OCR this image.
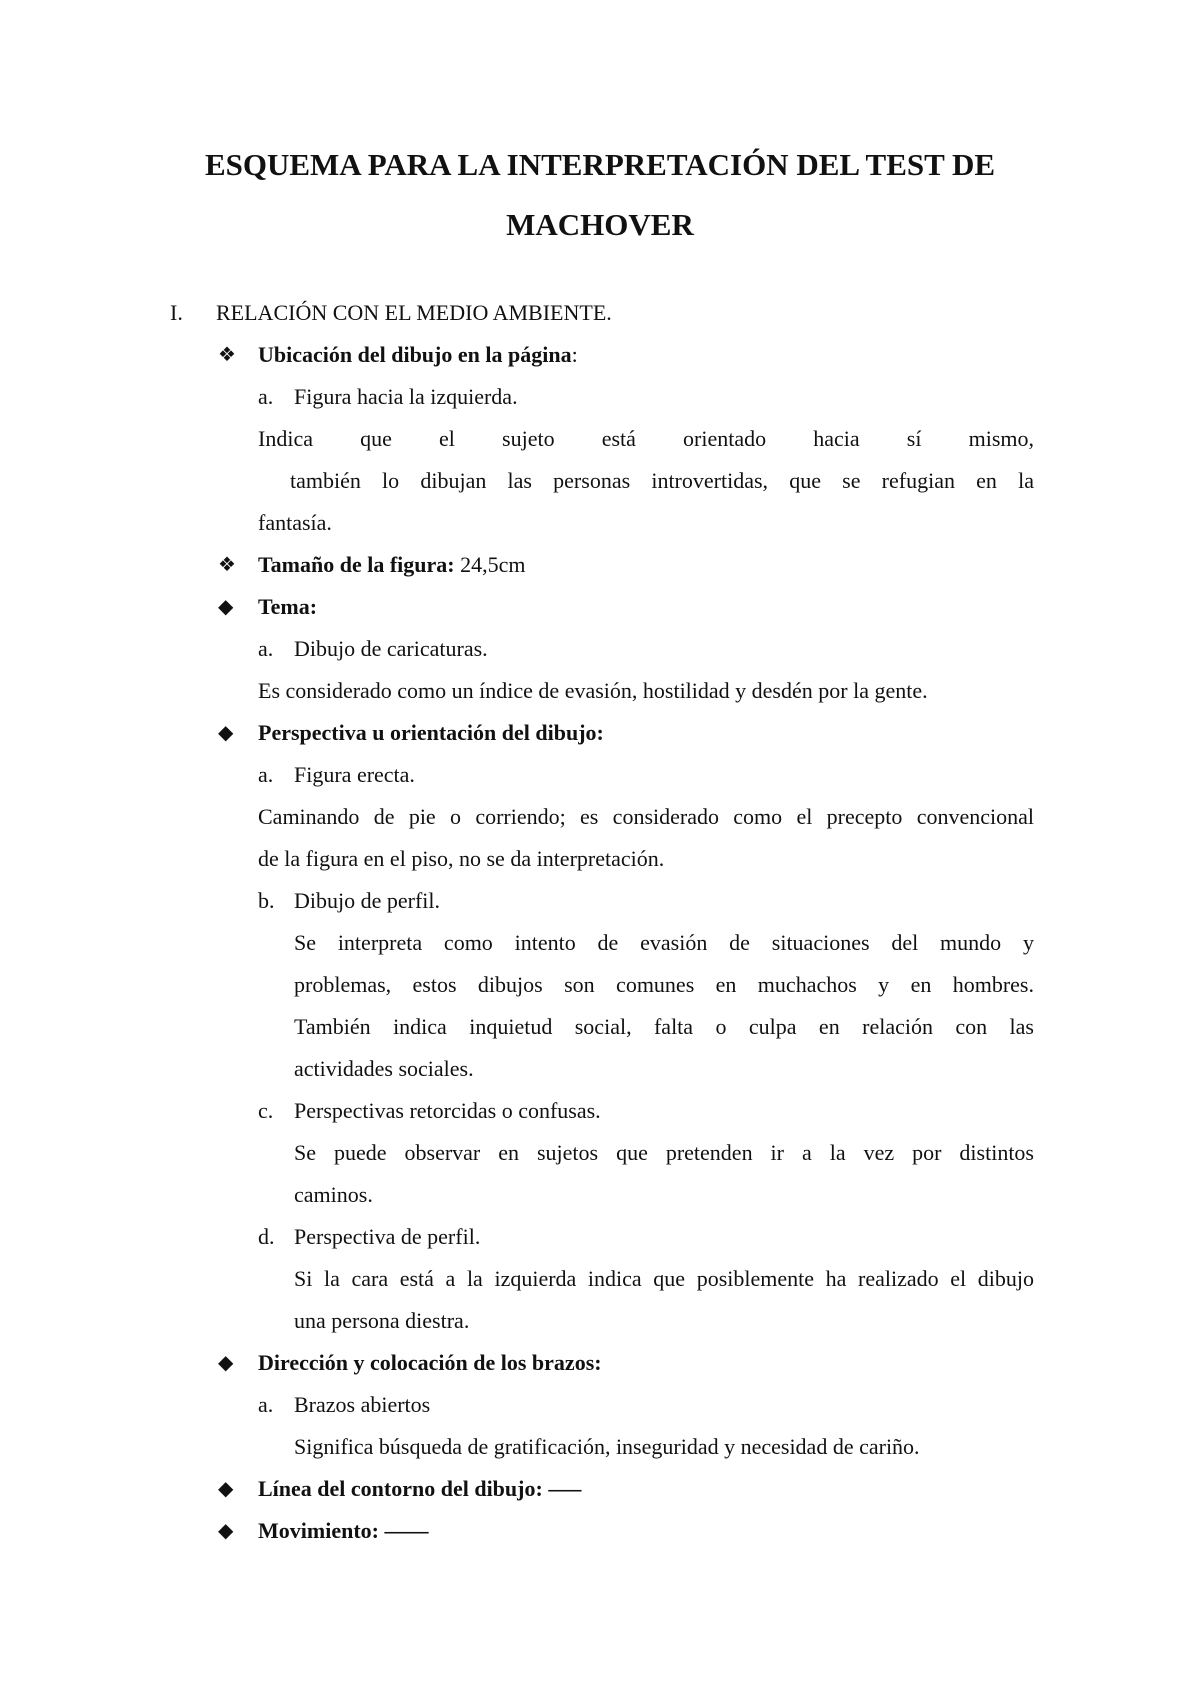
ESQUEMA PARA LA INTERPRETACIÓN DEL TEST DE
MACHOVER
I. RELACIÓN CON EL MEDIO AMBIENTE.
❖	Ubicación del dibujo en la página:
a. Figura hacia la izquierda.
Indica que el sujeto está orientado hacia sí mismo,
también lo dibujan las personas introvertidas, que se refugian en la
fantasía.
❖	Tamaño de la figura: 24,5cm
◆	Tema:
a. Dibujo de caricaturas.
Es considerado como un índice de evasión, hostilidad y desdén por la gente.
◆	Perspectiva u orientación del dibujo:
a. Figura erecta.
Caminando de pie o corriendo; es considerado como el precepto convencional
de la figura en el piso, no se da interpretación.
b. Dibujo de perfil.
Se interpreta como intento de evasión de situaciones del mundo y
problemas, estos dibujos son comunes en muchachos y en hombres.
También indica inquietud social, falta o culpa en relación con las
actividades sociales.
c. Perspectivas retorcidas o confusas.
Se puede observar en sujetos que pretenden ir a la vez por distintos
caminos.
d. Perspectiva de perfil.
Si la cara está a la izquierda indica que posiblemente ha realizado el dibujo
una persona diestra.
◆	Dirección y colocación de los brazos:
a. Brazos abiertos
Significa búsqueda de gratificación, inseguridad y necesidad de cariño.
◆	Línea del contorno del dibujo: –––
◆	Movimiento: ––––
